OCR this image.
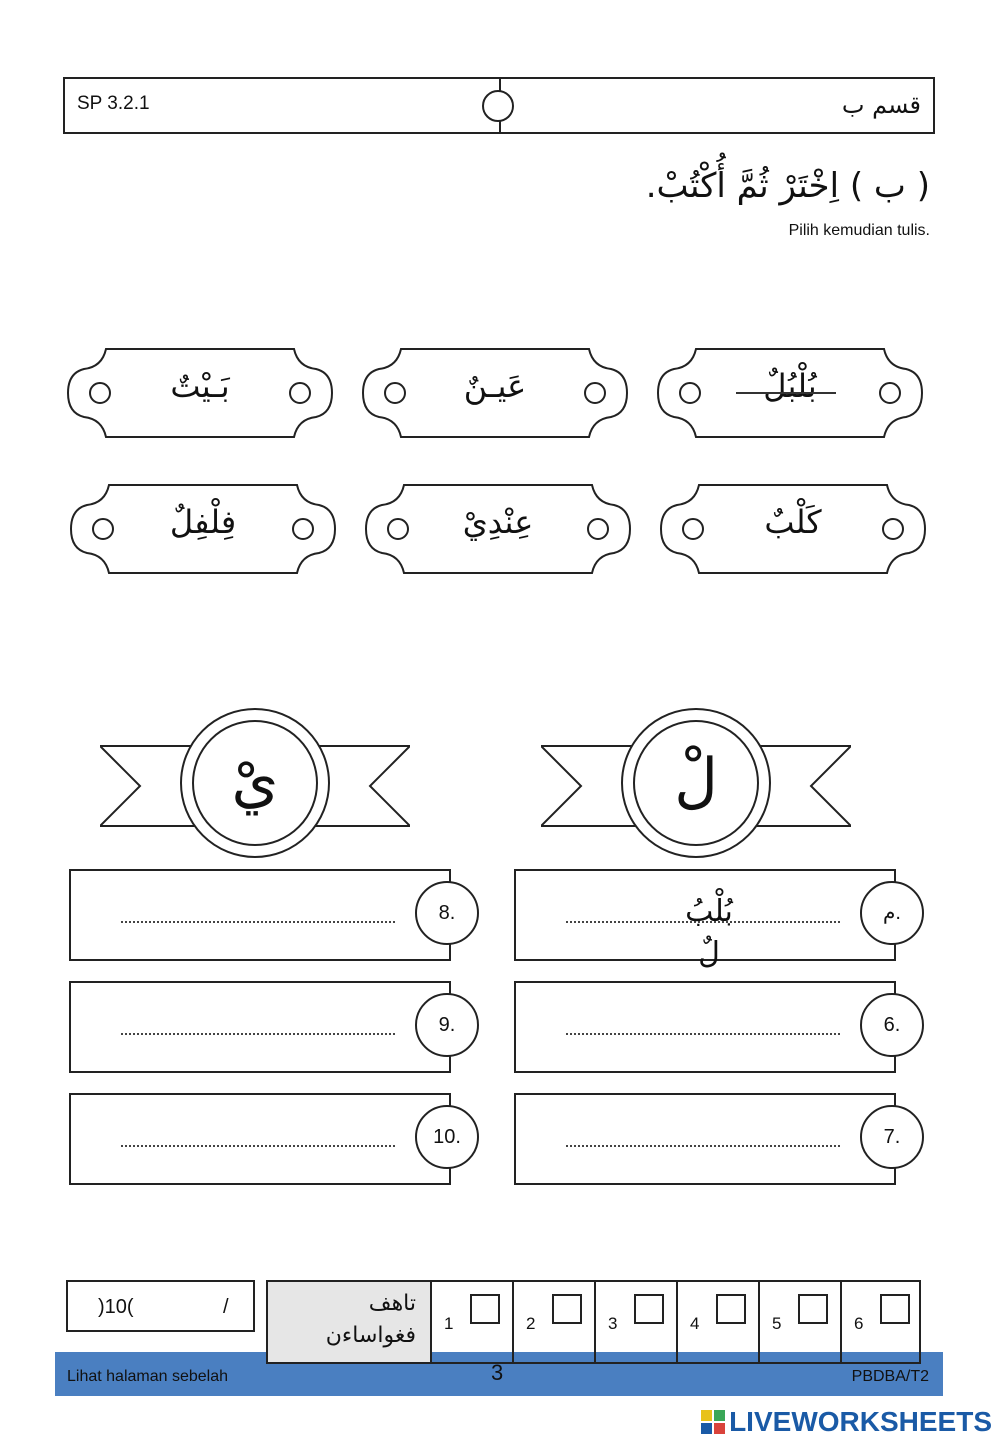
SP 3.2.1	قسم ب
( ب ) اِخْتَرْ ثُمَّ أُكْتُبْ.
Pilih kemudian tulis.
بُلْبُلٌ
عَيـنٌ
بَـيْتٌ
كَلْبٌ
عِنْدِيْ
فِلْفِلٌ
لْ
يْ
بُلْبُ
لٌ
م.
6.
7.
8.
9.
10.
Lihat halaman sebelah	3	PBDBA/T2
)10(	/	تاهف
فغواساءن 1	2	3	4	5	6
LIVEWORKSHEETS
